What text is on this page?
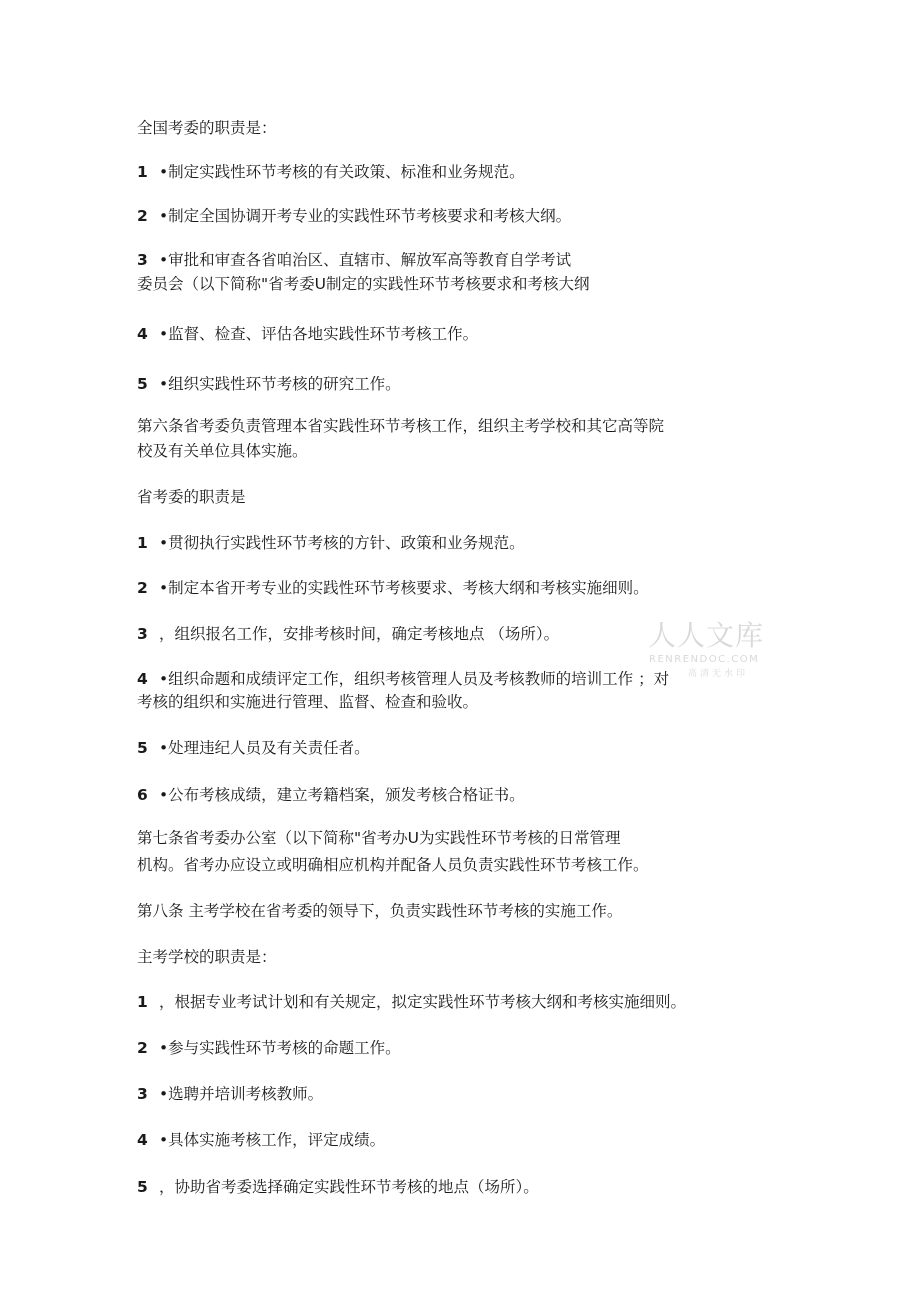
全国考委的职责是：
1 •制定实践性环节考核的有关政策、标准和业务规范。
2 •制定全国协调开考专业的实践性环节考核要求和考核大纲。
3 •审批和审查各省咱治区、直辖市、解放军高等教育自学考试
委员会（以下简称"省考委U制定的实践性环节考核要求和考核大纲
4 •监督、检查、评估各地实践性环节考核工作。
5 •组织实践性环节考核的研究工作。
第六条省考委负责管理本省实践性环节考核工作，组织主考学校和其它高等院
校及有关单位具体实施。
省考委的职责是
1 •贯彻执行实践性环节考核的方针、政策和业务规范。
2 •制定本省开考专业的实践性环节考核要求、考核大纲和考核实施细则。
3 ，组织报名工作，安排考核时间，确定考核地点 （场所）。
4 •组织命题和成绩评定工作，组织考核管理人员及考核教师的培训工作 ；对
考核的组织和实施进行管理、监督、检查和验收。
5 •处理违纪人员及有关责任者。
6 •公布考核成绩，建立考籍档案，颁发考核合格证书。
第七条省考委办公室（以下简称"省考办U为实践性环节考核的日常管理
机构。省考办应设立或明确相应机构并配备人员负责实践性环节考核工作。
第八条 主考学校在省考委的领导下，负责实践性环节考核的实施工作。
主考学校的职责是：
1 ，根据专业考试计划和有关规定，拟定实践性环节考核大纲和考核实施细则。
2 •参与实践性环节考核的命题工作。
3 •选聘并培训考核教师。
4 •具体实施考核工作，评定成绩。
5 ，协助省考委选择确定实践性环节考核的地点（场所）。
人人文库
RENRENDOC.COM
高清无水印
